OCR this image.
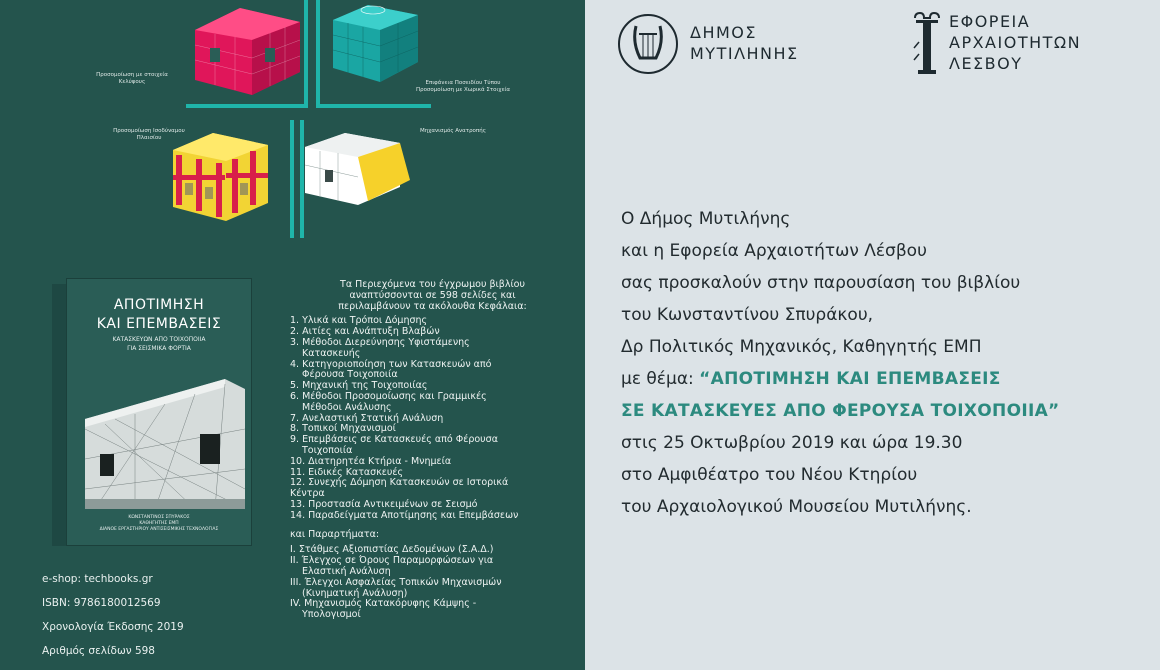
Προσομοίωση με στοιχεία
Κελύφους	Επιφάνεια Ποσειδίου Τύπου
Προσομοίωση με Χωρικά Στοιχεία
Προσομοίωση Ισοδύναμου
Πλαισίου
Μηχανισμός Ανατροπής
ΑΠΟΤΙΜΗΣΗ
ΚΑΙ ΕΠΕΜΒΑΣΕΙΣ
ΚΑΤΑΣΚΕΥΩΝ ΑΠΟ ΤΟΙΧΟΠΟΙΙΑ
ΓΙΑ ΣΕΙΣΜΙΚΑ ΦΟΡΤΙΑ
ΚΩΝΣΤΑΝΤΙΝΟΣ ΣΠΥΡΑΚΟΣ
ΚΑΘΗΓΗΤΗΣ ΕΜΠ
ΔΙΑΝΟΕ ΕΡΓΑΣΤΗΡΙΟΥ ΑΝΤΙΣΕΙΣΜΙΚΗΣ ΤΕΧΝΟΛΟΓΙΑΣ
e-shop: techbooks.gr
ISBN: 9786180012569
Χρονολογία Έκδοσης 2019
Αριθμός σελίδων 598
Τα Περιεχόμενα του έγχρωμου βιβλίου
αναπτύσσονται σε 598 σελίδες και
περιλαμβάνουν τα ακόλουθα Κεφάλαια:
1. Υλικά και Τρόποι Δόμησης
2. Αιτίες και Ανάπτυξη Βλαβών
3. Μέθοδοι Διερεύνησης Υφιστάμενης
Κατασκευής
4. Κατηγοριοποίηση των Κατασκευών από
Φέρουσα Τοιχοποιία
5. Μηχανική της Τοιχοποιίας
6. Μέθοδοι Προσομοίωσης και Γραμμικές
Μέθοδοι Ανάλυσης
7. Ανελαστική Στατική Ανάλυση
8. Τοπικοί Μηχανισμοί
9. Επεμβάσεις σε Κατασκευές από Φέρουσα
Τοιχοποιία
10. Διατηρητέα Κτήρια - Μνημεία
11. Ειδικές Κατασκευές
12. Συνεχής Δόμηση Κατασκευών σε Ιστορικά
Κέντρα
13. Προστασία Αντικειμένων σε Σεισμό
14. Παραδείγματα Αποτίμησης και Επεμβάσεων
και Παραρτήματα:
I. Στάθμες Αξιοπιστίας Δεδομένων (Σ.Α.Δ.)
II. Έλεγχος σε Όρους Παραμορφώσεων για
Ελαστική Ανάλυση
III. Έλεγχοι Ασφαλείας Τοπικών Μηχανισμών
(Κινηματική Ανάλυση)
IV. Μηχανισμός Κατακόρυφης Κάμψης -
Υπολογισμοί
ΔΗΜΟΣ
ΜΥΤΙΛΗΝΗΣ
ΕΦΟΡΕΙΑ
ΑΡΧΑΙΟΤΗΤΩΝ
ΛΕΣΒΟΥ
Ο Δήμος Μυτιλήνης
και η Εφορεία Αρχαιοτήτων Λέσβου
σας προσκαλούν στην παρουσίαση του βιβλίου
του Κωνσταντίνου Σπυράκου,
Δρ Πολιτικός Μηχανικός, Καθηγητής ΕΜΠ
με θέμα: “ΑΠΟΤΙΜΗΣΗ ΚΑΙ ΕΠΕΜΒΑΣΕΙΣ
ΣΕ ΚΑΤΑΣΚΕΥΕΣ ΑΠΟ ΦΕΡΟΥΣΑ ΤΟΙΧΟΠΟΙΙΑ”
στις 25 Οκτωβρίου 2019 και ώρα 19.30
στο Αμφιθέατρο του Νέου Κτηρίου
του Αρχαιολογικού Μουσείου Μυτιλήνης.
